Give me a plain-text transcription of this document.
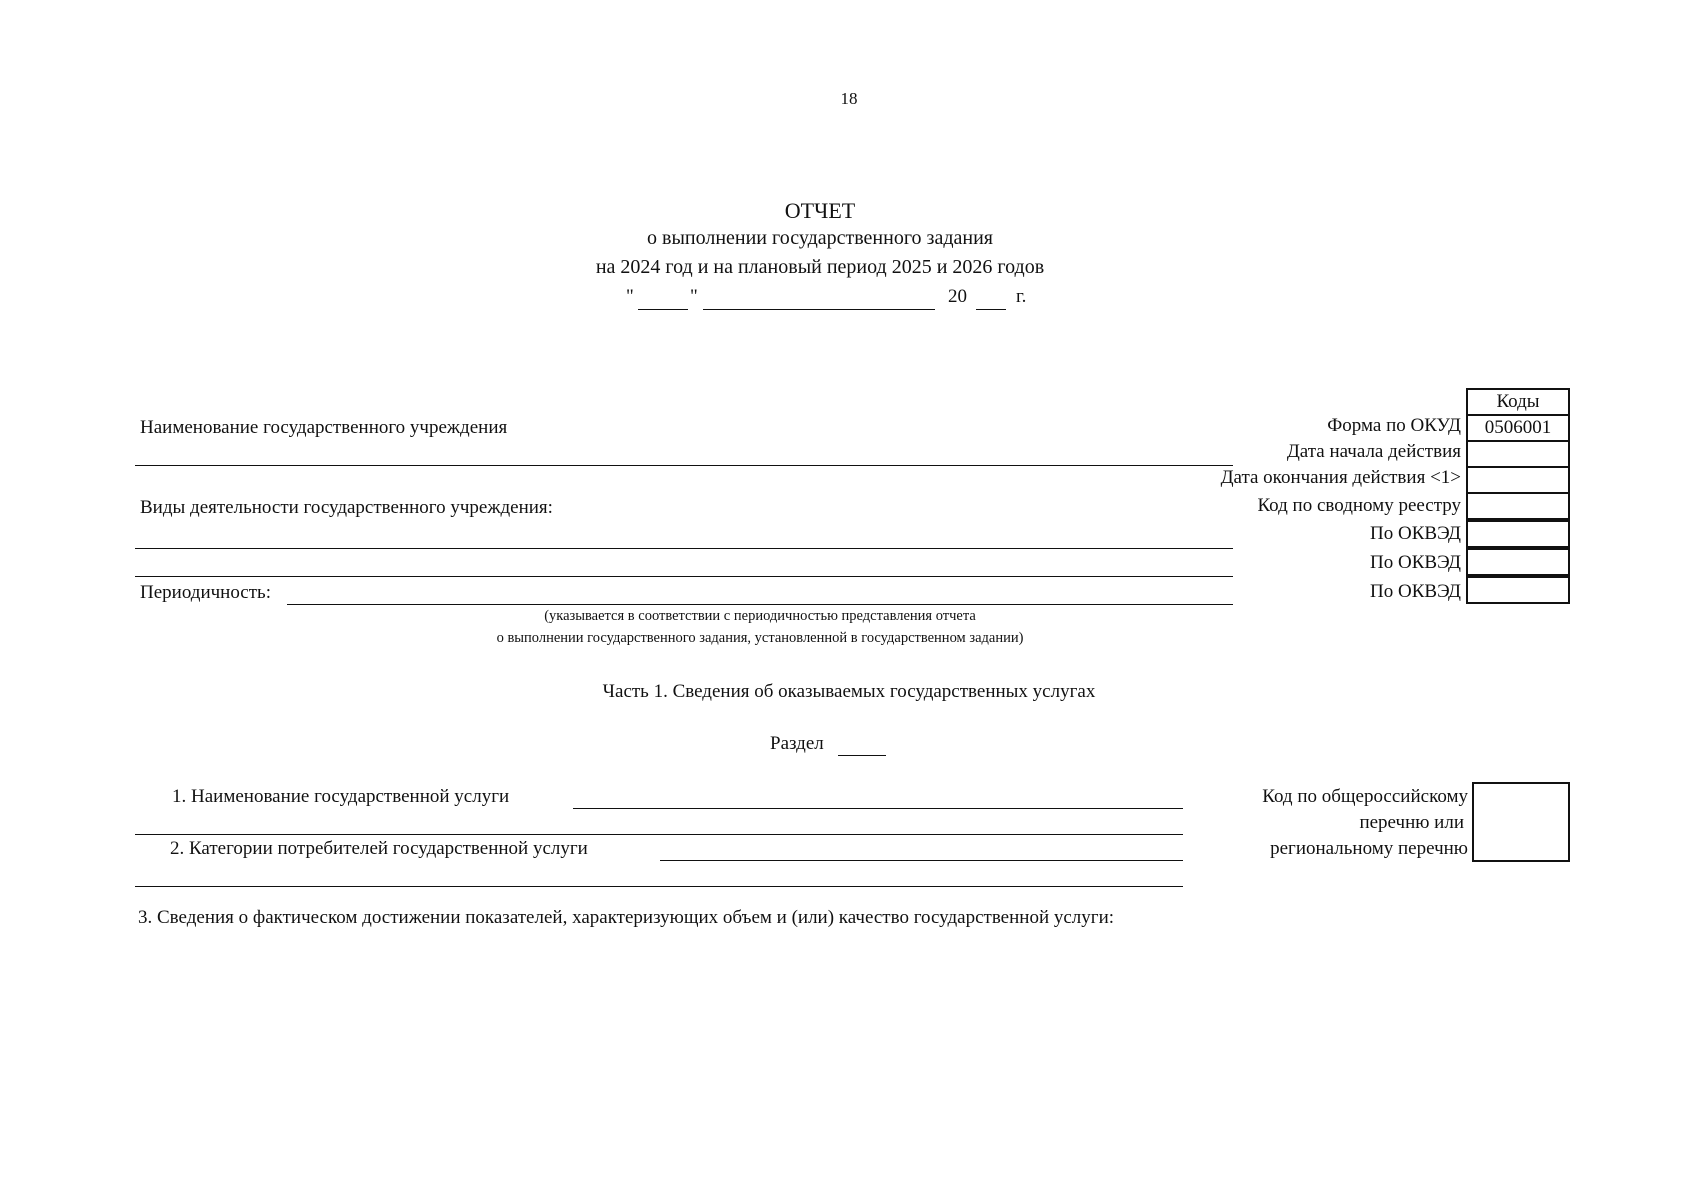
18
ОТЧЕТ
о выполнении государственного задания
на 2024 год и на плановый период 2025 и 2026 годов
"	"	20	г.
Коды
Форма по ОКУД	0506001
Дата начала действия
Дата окончания действия <1>
Код по сводному реестру
По ОКВЭД
По ОКВЭД
По ОКВЭД
Наименование государственного учреждения
Виды деятельности государственного учреждения:
Периодичность:
(указывается в соответствии с периодичностью представления отчета
о выполнении государственного задания, установленной в государственном задании)
Часть 1. Сведения об оказываемых государственных услугах
Раздел
1. Наименование государственной услуги
2. Категории потребителей государственной услуги
Код по общероссийскому
перечню или
региональному перечню
3. Сведения о фактическом достижении показателей, характеризующих объем и (или) качество государственной услуги:
